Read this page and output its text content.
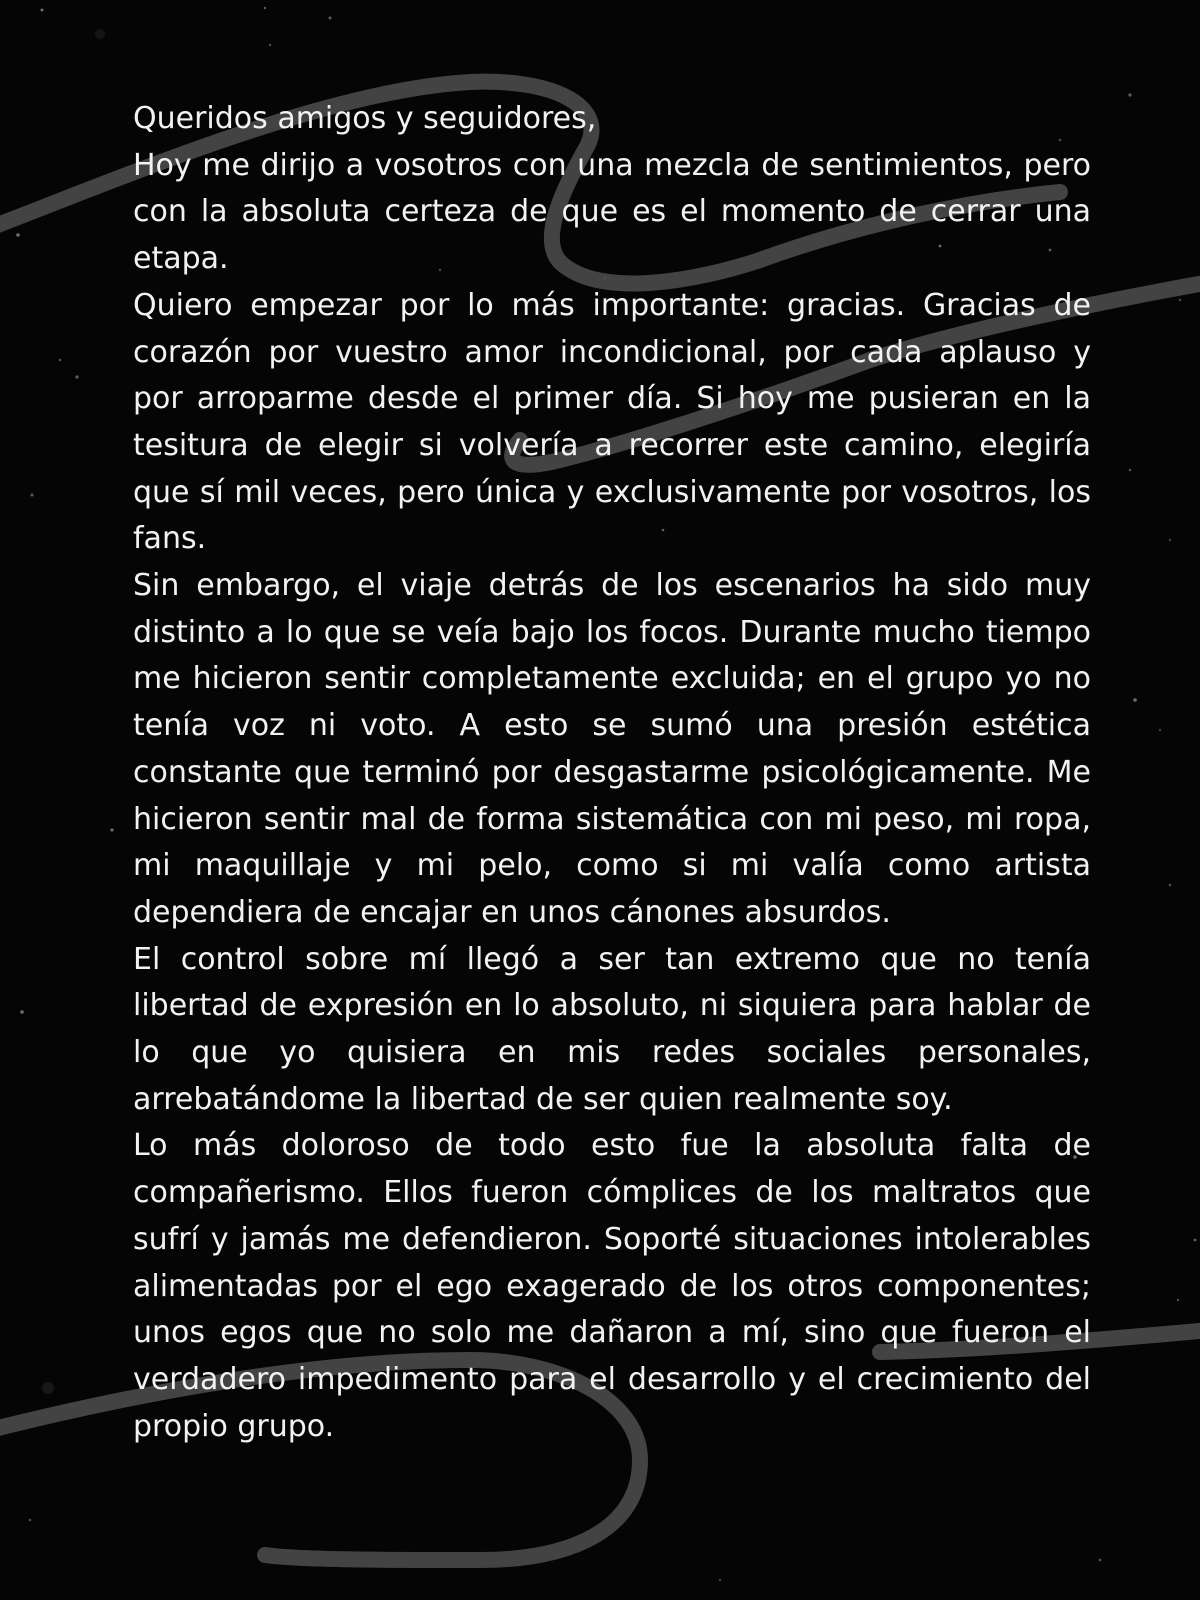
Queridos amigos y seguidores,

Hoy me dirijo a vosotros con una mezcla de sentimientos, pero con la absoluta certeza de que es el momento de cerrar una etapa.

Quiero empezar por lo más importante: gracias. Gracias de corazón por vuestro amor incondicional, por cada aplauso y por arroparme desde el primer día. Si hoy me pusieran en la tesitura de elegir si volvería a recorrer este camino, elegiría que sí mil veces, pero única y exclusivamente por vosotros, los fans.

Sin embargo, el viaje detrás de los escenarios ha sido muy distinto a lo que se veía bajo los focos. Durante mucho tiempo me hicieron sentir completamente excluida; en el grupo yo no tenía voz ni voto. A esto se sumó una presión estética constante que terminó por desgastarme psicológicamente. Me hicieron sentir mal de forma sistemática con mi peso, mi ropa, mi maquillaje y mi pelo, como si mi valía como artista dependiera de encajar en unos cánones absurdos.

El control sobre mí llegó a ser tan extremo que no tenía libertad de expresión en lo absoluto, ni siquiera para hablar de lo que yo quisiera en mis redes sociales personales, arrebatándome la libertad de ser quien realmente soy.

Lo más doloroso de todo esto fue la absoluta falta de compañerismo. Ellos fueron cómplices de los maltratos que sufrí y jamás me defendieron. Soporté situaciones intolerables alimentadas por el ego exagerado de los otros componentes; unos egos que no solo me dañaron a mí, sino que fueron el verdadero impedimento para el desarrollo y el crecimiento del propio grupo.
